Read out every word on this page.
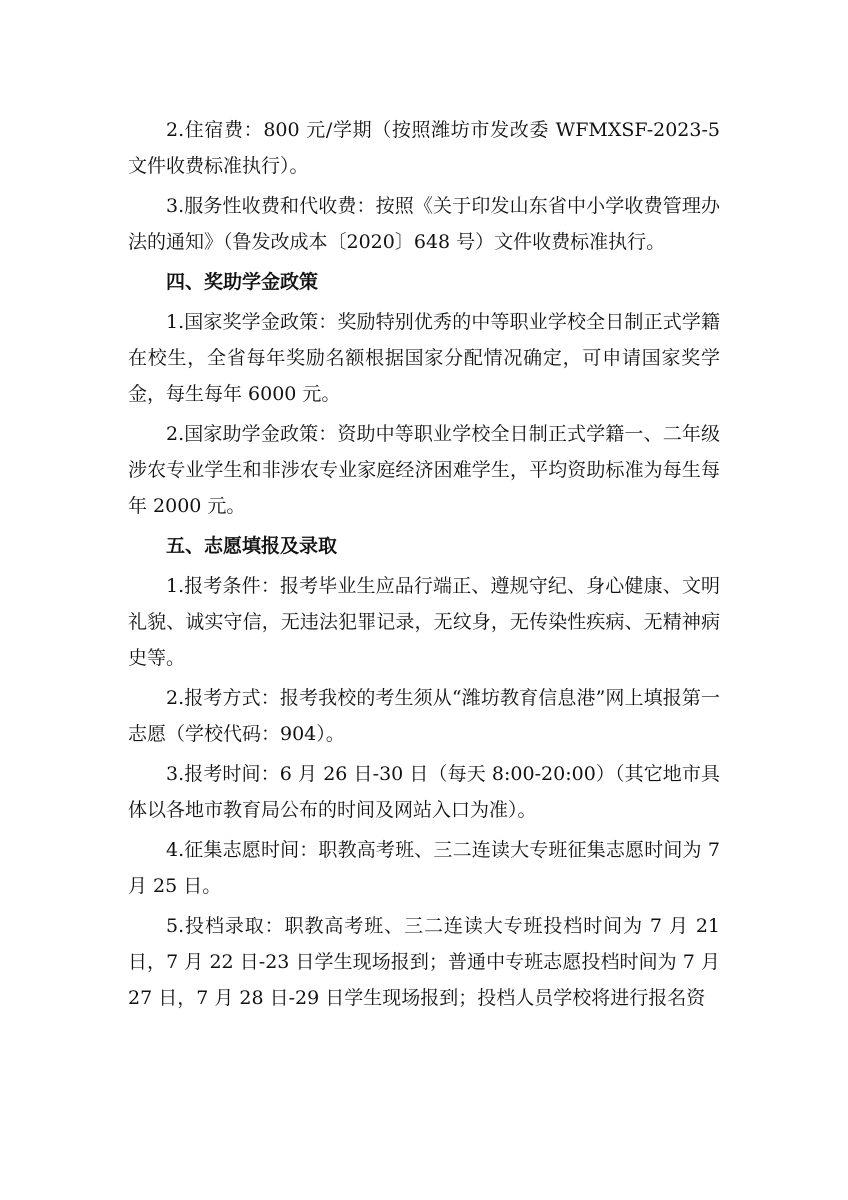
2.住宿费：800 元/学期（按照潍坊市发改委 WFMXSF-2023-5 文件收费标准执行）。

3.服务性收费和代收费：按照《关于印发山东省中小学收费管理办法的通知》（鲁发改成本〔2020〕648 号）文件收费标准执行。

四、奖助学金政策

1.国家奖学金政策：奖励特别优秀的中等职业学校全日制正式学籍在校生，全省每年奖励名额根据国家分配情况确定，可申请国家奖学金，每生每年 6000 元。

2.国家助学金政策：资助中等职业学校全日制正式学籍一、二年级涉农专业学生和非涉农专业家庭经济困难学生，平均资助标准为每生每年 2000 元。

五、志愿填报及录取

1.报考条件：报考毕业生应品行端正、遵规守纪、身心健康、文明礼貌、诚实守信，无违法犯罪记录，无纹身，无传染性疾病、无精神病史等。

2.报考方式：报考我校的考生须从“潍坊教育信息港”网上填报第一志愿（学校代码：904）。

3.报考时间：6 月 26 日-30 日（每天 8:00-20:00）（其它地市具体以各地市教育局公布的时间及网站入口为准）。

4.征集志愿时间：职教高考班、三二连读大专班征集志愿时间为 7 月 25 日。

5.投档录取：职教高考班、三二连读大专班投档时间为 7 月 21 日，7 月 22 日-23 日学生现场报到；普通中专班志愿投档时间为 7 月 27 日，7 月 28 日-29 日学生现场报到；投档人员学校将进行报名资
